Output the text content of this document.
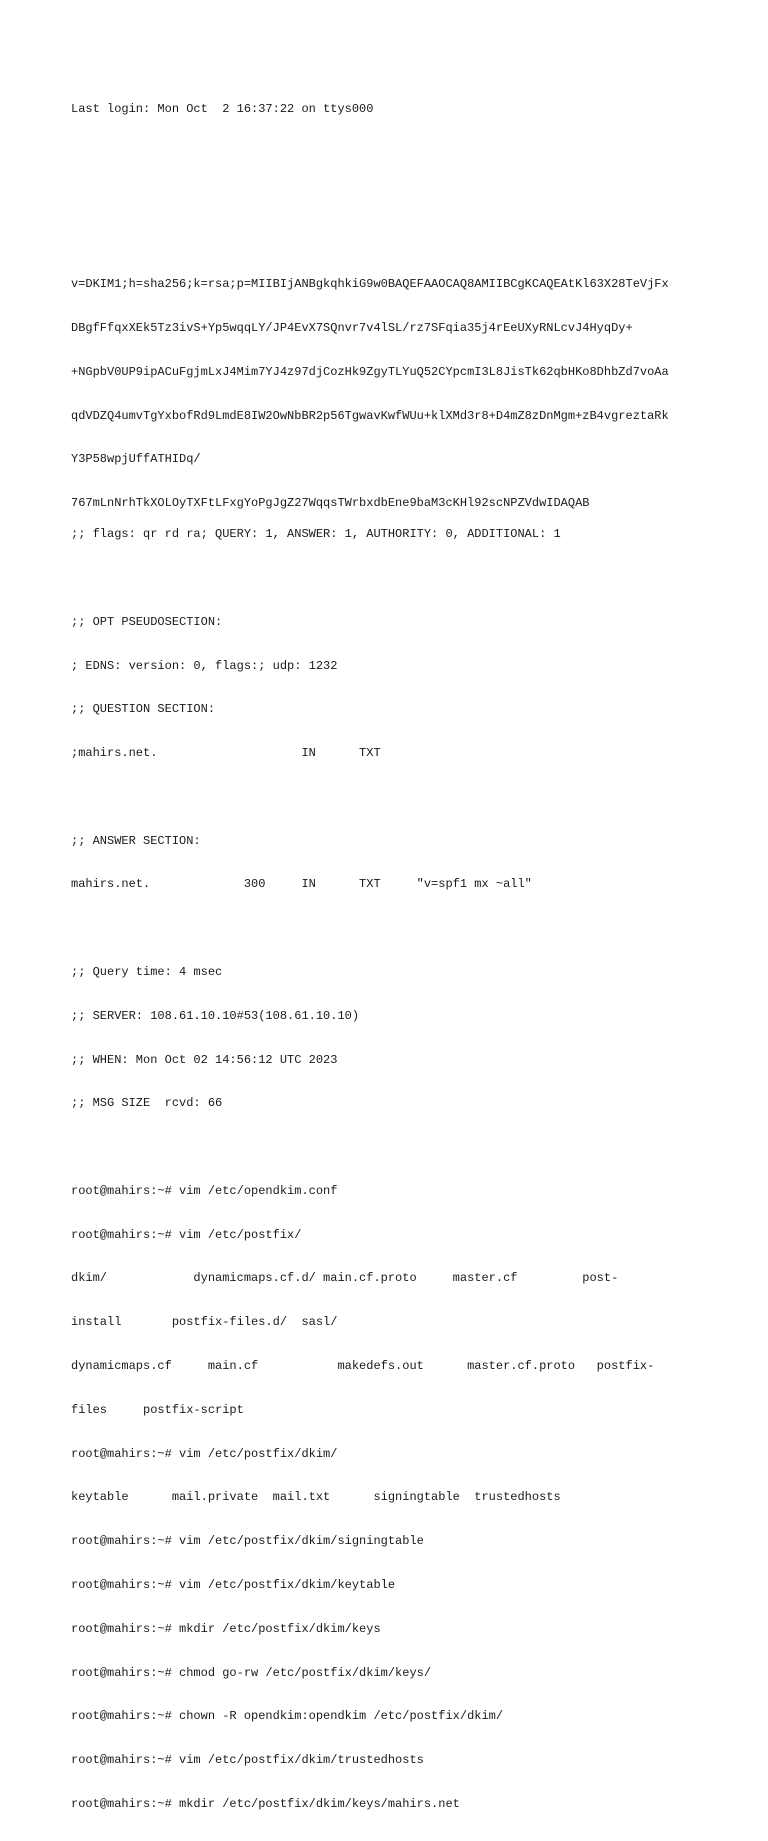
Last login: Mon Oct  2 16:37:22 on ttys000

v=DKIM1;h=sha256;k=rsa;p=MIIBIjANBgkqhkiG9w0BAQEFAAOCAQ8AMIIBCgKCAQEAtKl63X28TeVjFx

DBgfFfqxXEk5Tz3ivS+Yp5wqqLY/JP4EvX7SQnvr7v4lSL/rz7SFqia35j4rEeUXyRNLcvJ4HyqDy+

+NGpbV0UP9ipACuFgjmLxJ4Mim7YJ4z97djCozHk9ZgyTLYuQ52CYpcmI3L8JisTk62qbHKo8DhbZd7voAa

qdVDZQ4umvTgYxbofRd9LmdE8IW2OwNbBR2p56TgwavKwfWUu+klXMd3r8+D4mZ8zDnMgm+zB4vgreztaRk

Y3P58wpjUffATHIDq/

767mLnNrhTkXOLOyTXFtLFxgYoPgJgZ27WqqsTWrbxdbEne9baM3cKHl92scNPZVdwIDAQAB

;; flags: qr rd ra; QUERY: 1, ANSWER: 1, AUTHORITY: 0, ADDITIONAL: 1

;; OPT PSEUDOSECTION:

; EDNS: version: 0, flags:; udp: 1232

;; QUESTION SECTION:

;mahirs.net.                    IN      TXT

;; ANSWER SECTION:

mahirs.net.             300     IN      TXT     "v=spf1 mx ~all"

;; Query time: 4 msec

;; SERVER: 108.61.10.10#53(108.61.10.10)

;; WHEN: Mon Oct 02 14:56:12 UTC 2023

;; MSG SIZE  rcvd: 66

root@mahirs:~# vim /etc/opendkim.conf

root@mahirs:~# vim /etc/postfix/

dkim/            dynamicmaps.cf.d/ main.cf.proto     master.cf         post-

install       postfix-files.d/  sasl/

dynamicmaps.cf     main.cf           makedefs.out      master.cf.proto   postfix-

files     postfix-script

root@mahirs:~# vim /etc/postfix/dkim/

keytable      mail.private  mail.txt      signingtable  trustedhosts

root@mahirs:~# vim /etc/postfix/dkim/signingtable

root@mahirs:~# vim /etc/postfix/dkim/keytable

root@mahirs:~# mkdir /etc/postfix/dkim/keys

root@mahirs:~# chmod go-rw /etc/postfix/dkim/keys/

root@mahirs:~# chown -R opendkim:opendkim /etc/postfix/dkim/

root@mahirs:~# vim /etc/postfix/dkim/trustedhosts

root@mahirs:~# mkdir /etc/postfix/dkim/keys/mahirs.net
